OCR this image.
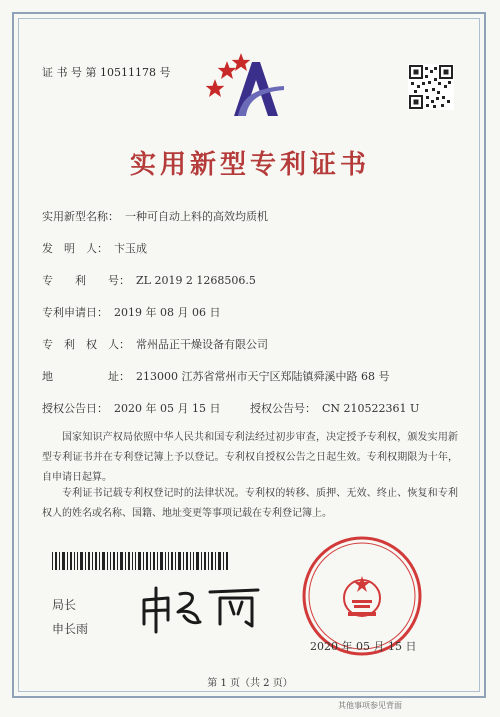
证 书 号 第 10511178 号
实用新型专利证书
实用新型名称： 一种可自动上料的高效均质机
发　明　人： 卞玉成
专　　利　　号： ZL 2019 2 1268506.5
专利申请日： 2019 年 08 月 06 日
专　利　权　人： 常州品正干燥设备有限公司
地　　　　　址： 213000 江苏省常州市天宁区郑陆镇舜溪中路 68 号
授权公告日： 2020 年 05 月 15 日	授权公告号： CN 210522361 U
国家知识产权局依照中华人民共和国专利法经过初步审查，决定授予专利权，颁发实用新型专利证书并在专利登记簿上予以登记。专利权自授权公告之日起生效。专利权期限为十年，自申请日起算。
专利证书记载专利权登记时的法律状况。专利权的转移、质押、无效、终止、恢复和专利权人的姓名或名称、国籍、地址变更等事项记载在专利登记簿上。
局长
申长雨
2020 年 05 月 15 日
第 1 页（共 2 页）
其他事项参见背面
